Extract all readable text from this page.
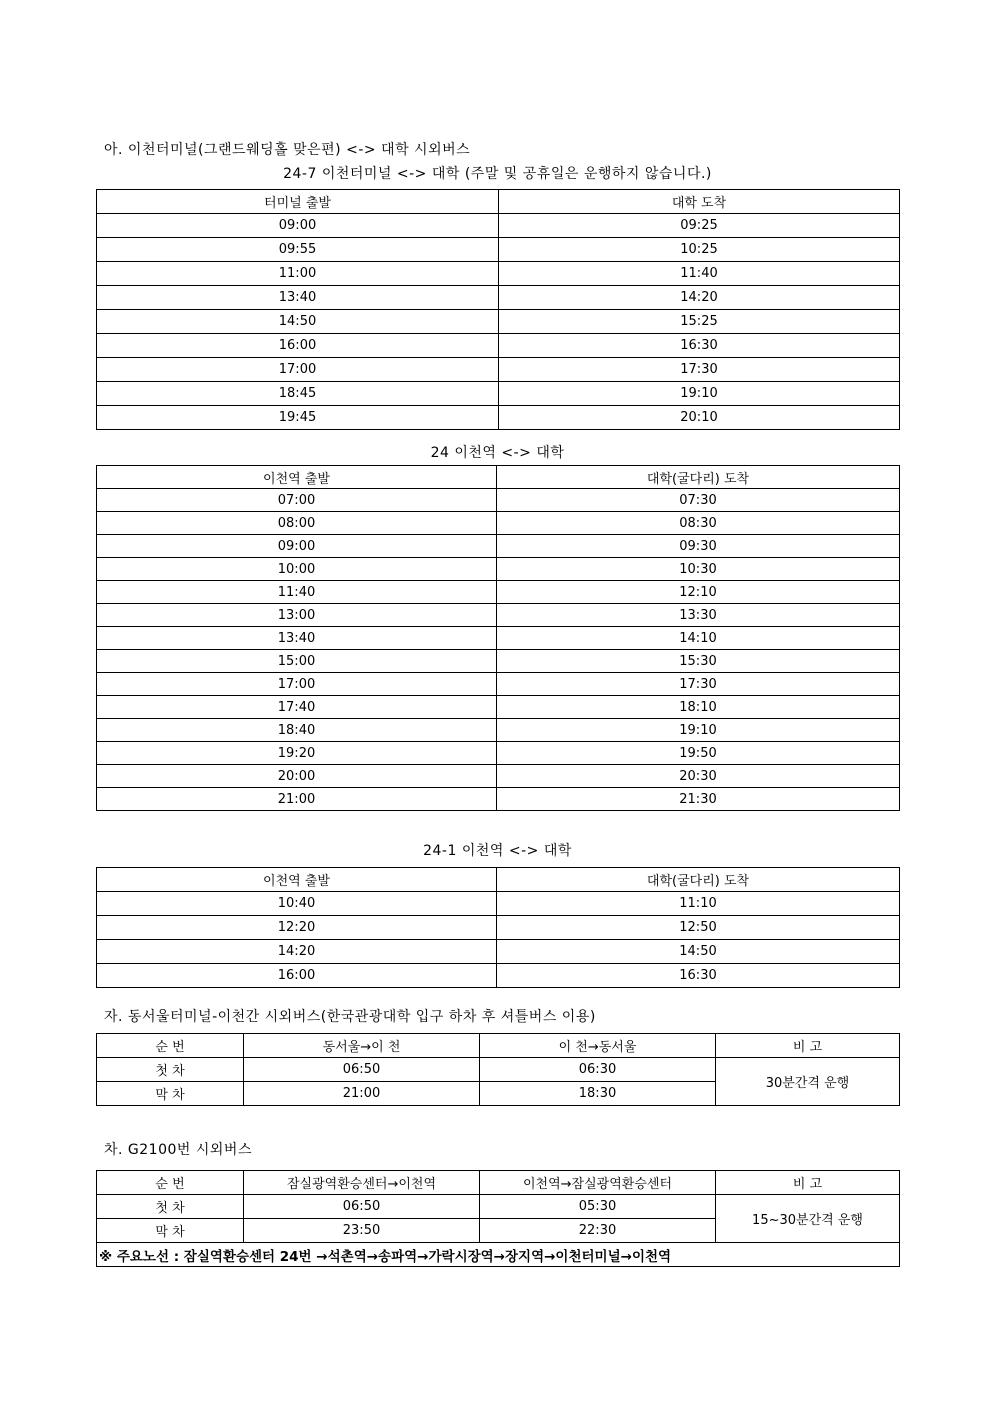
아. 이천터미널(그랜드웨딩홀 맞은편) <-> 대학 시외버스
24-7 이천터미널 <-> 대학 (주말 및 공휴일은 운행하지 않습니다.)
터미널 출발	대학 도착
09:00	09:25
09:55	10:25
11:00	11:40
13:40	14:20
14:50	15:25
16:00	16:30
17:00	17:30
18:45	19:10
19:45	20:10
24 이천역 <-> 대학
이천역 출발	대학(굴다리) 도착
07:00	07:30
08:00	08:30
09:00	09:30
10:00	10:30
11:40	12:10
13:00	13:30
13:40	14:10
15:00	15:30
17:00	17:30
17:40	18:10
18:40	19:10
19:20	19:50
20:00	20:30
21:00	21:30
24-1 이천역 <-> 대학
이천역 출발	대학(굴다리) 도착
10:40	11:10
12:20	12:50
14:20	14:50
16:00	16:30
자. 동서울터미널-이천간 시외버스(한국관광대학 입구 하차 후 셔틀버스 이용)
순 번	동서울→이 천	이 천→동서울	비 고
첫 차	06:50	06:30	30분간격 운행
막 차	21:00	18:30	
차. G2100번 시외버스
순 번	잠실광역환승센터→이천역	이천역→잠실광역환승센터	비 고
첫 차	06:50	05:30	15~30분간격 운행
막 차	23:50	22:30	
※ 주요노선 : 잠실역환승센터 24번 →석촌역→송파역→가락시장역→장지역→이천터미널→이천역			
